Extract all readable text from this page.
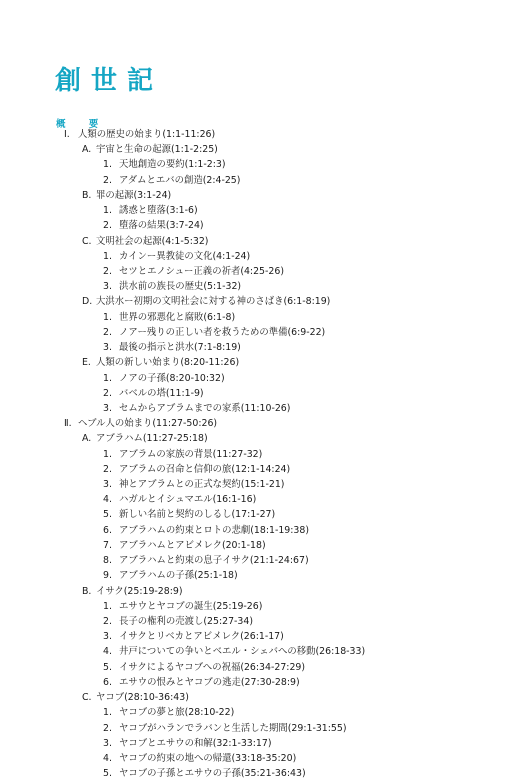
創世記
概 要
Ⅰ. 人類の歴史の始まり(1:1-11:26)
A. 宇宙と生命の起源(1:1-2:25)
1. 天地創造の要約(1:1-2:3)
2. アダムとエバの創造(2:4-25)
B. 罪の起源(3:1-24)
1. 誘惑と堕落(3:1-6)
2. 堕落の結果(3:7-24)
C. 文明社会の起源(4:1-5:32)
1. カインー異教徒の文化(4:1-24)
2. セツとエノシュー正義の祈者(4:25-26)
3. 洪水前の族長の歴史(5:1-32)
D. 大洪水ー初期の文明社会に対する神のさばき(6:1-8:19)
1. 世界の邪悪化と腐敗(6:1-8)
2. ノアー残りの正しい者を救うための準備(6:9-22)
3. 最後の指示と洪水(7:1-8:19)
E. 人類の新しい始まり(8:20-11:26)
1. ノアの子孫(8:20-10:32)
2. バベルの塔(11:1-9)
3. セムからアブラムまでの家系(11:10-26)
Ⅱ. ヘブル人の始まり(11:27-50:26)
A. アブラハム(11:27-25:18)
1. アブラムの家族の背景(11:27-32)
2. アブラムの召命と信仰の旅(12:1-14:24)
3. 神とアブラムとの正式な契約(15:1-21)
4. ハガルとイシュマエル(16:1-16)
5. 新しい名前と契約のしるし(17:1-27)
6. アブラハムの約束とロトの悲劇(18:1-19:38)
7. アブラハムとアビメレク(20:1-18)
8. アブラハムと約束の息子イサク(21:1-24:67)
9. アブラハムの子孫(25:1-18)
B. イサク(25:19-28:9)
1. エサウとヤコブの誕生(25:19-26)
2. 長子の権利の売渡し(25:27-34)
3. イサクとリベカとアビメレク(26:1-17)
4. 井戸についての争いとベエル・シェバへの移動(26:18-33)
5. イサクによるヤコブへの祝福(26:34-27:29)
6. エサウの恨みとヤコブの逃走(27:30-28:9)
C. ヤコブ(28:10-36:43)
1. ヤコブの夢と旅(28:10-22)
2. ヤコブがハランでラバンと生活した期間(29:1-31:55)
3. ヤコブとエサウの和解(32:1-33:17)
4. ヤコブの約束の地への帰還(33:18-35:20)
5. ヤコブの子孫とエサウの子孫(35:21-36:43)
